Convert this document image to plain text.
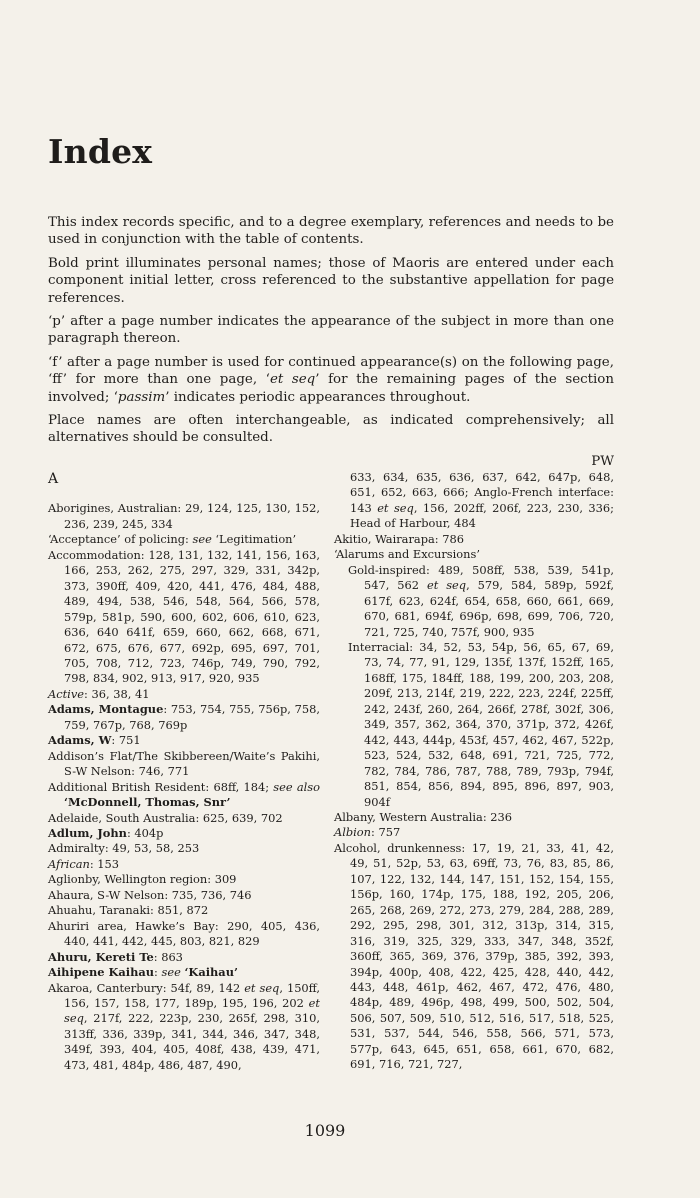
Index

This index records specific, and to a degree exemplary, references and needs to be used in conjunction with the table of contents.

Bold print illuminates personal names; those of Maoris are entered under each component initial letter, cross referenced to the substantive appellation for page references.

‘p’ after a page number indicates the appearance of the subject in more than one paragraph thereon.

‘f’ after a page number is used for continued appearance(s) on the following page, ‘ff’ for more than one page, ‘et seq’ for the remaining pages of the section involved; ‘passim’ indicates periodic appearances throughout.

Place names are often interchangeable, as indicated comprehensively; all alternatives should be consulted.

PW
A
Aborigines, Australian: 29, 124, 125, 130, 152, 236, 239, 245, 334
‘Acceptance’ of policing: see ‘Legitimation’
Accommodation: 128, 131, 132, 141, 156, 163, 166, 253, 262, 275, 297, 329, 331, 342p, 373, 390ff, 409, 420, 441, 476, 484, 488, 489, 494, 538, 546, 548, 564, 566, 578, 579p, 581p, 590, 600, 602, 606, 610, 623, 636, 640 641f, 659, 660, 662, 668, 671, 672, 675, 676, 677, 692p, 695, 697, 701, 705, 708, 712, 723, 746p, 749, 790, 792, 798, 834, 902, 913, 917, 920, 935
Active: 36, 38, 41
Adams, Montague: 753, 754, 755, 756p, 758, 759, 767p, 768, 769p
Adams, W: 751
Addison’s Flat/The Skibbereen/Waite’s Pakihi, S-W Nelson: 746, 771
Additional British Resident: 68ff, 184; see also ‘McDonnell, Thomas, Snr’
Adelaide, South Australia: 625, 639, 702
Adlum, John: 404p
Admiralty: 49, 53, 58, 253
African: 153
Aglionby, Wellington region: 309
Ahaura, S-W Nelson: 735, 736, 746
Ahuahu, Taranaki: 851, 872
Ahuriri area, Hawke’s Bay: 290, 405, 436, 440, 441, 442, 445, 803, 821, 829
Ahuru, Kereti Te: 863
Aihipene Kaihau: see ‘Kaihau’
Akaroa, Canterbury: 54f, 89, 142 et seq, 150ff, 156, 157, 158, 177, 189p, 195, 196, 202 et seq, 217f, 222, 223p, 230, 265f, 298, 310, 313ff, 336, 339p, 341, 344, 346, 347, 348, 349f, 393, 404, 405, 408f, 438, 439, 471, 473, 481, 484p, 486, 487, 490,
633, 634, 635, 636, 637, 642, 647p, 648, 651, 652, 663, 666; Anglo-French interface: 143 et seq, 156, 202ff, 206f, 223, 230, 336; Head of Harbour, 484
Akitio, Wairarapa: 786
‘Alarums and Excursions’
Gold-inspired: 489, 508ff, 538, 539, 541p, 547, 562 et seq, 579, 584, 589p, 592f, 617f, 623, 624f, 654, 658, 660, 661, 669, 670, 681, 694f, 696p, 698, 699, 706, 720, 721, 725, 740, 757f, 900, 935
Interracial: 34, 52, 53, 54p, 56, 65, 67, 69, 73, 74, 77, 91, 129, 135f, 137f, 152ff, 165, 168ff, 175, 184ff, 188, 199, 200, 203, 208, 209f, 213, 214f, 219, 222, 223, 224f, 225ff, 242, 243f, 260, 264, 266f, 278f, 302f, 306, 349, 357, 362, 364, 370, 371p, 372, 426f, 442, 443, 444p, 453f, 457, 462, 467, 522p, 523, 524, 532, 648, 691, 721, 725, 772, 782, 784, 786, 787, 788, 789, 793p, 794f, 851, 854, 856, 894, 895, 896, 897, 903, 904f
Albany, Western Australia: 236
Albion: 757
Alcohol, drunkenness: 17, 19, 21, 33, 41, 42, 49, 51, 52p, 53, 63, 69ff, 73, 76, 83, 85, 86, 107, 122, 132, 144, 147, 151, 152, 154, 155, 156p, 160, 174p, 175, 188, 192, 205, 206, 265, 268, 269, 272, 273, 279, 284, 288, 289, 292, 295, 298, 301, 312, 313p, 314, 315, 316, 319, 325, 329, 333, 347, 348, 352f, 360ff, 365, 369, 376, 379p, 385, 392, 393, 394p, 400p, 408, 422, 425, 428, 440, 442, 443, 448, 461p, 462, 467, 472, 476, 480, 484p, 489, 496p, 498, 499, 500, 502, 504, 506, 507, 509, 510, 512, 516, 517, 518, 525, 531, 537, 544, 546, 558, 566, 571, 573, 577p, 643, 645, 651, 658, 661, 670, 682, 691, 716, 721, 727,
1099
